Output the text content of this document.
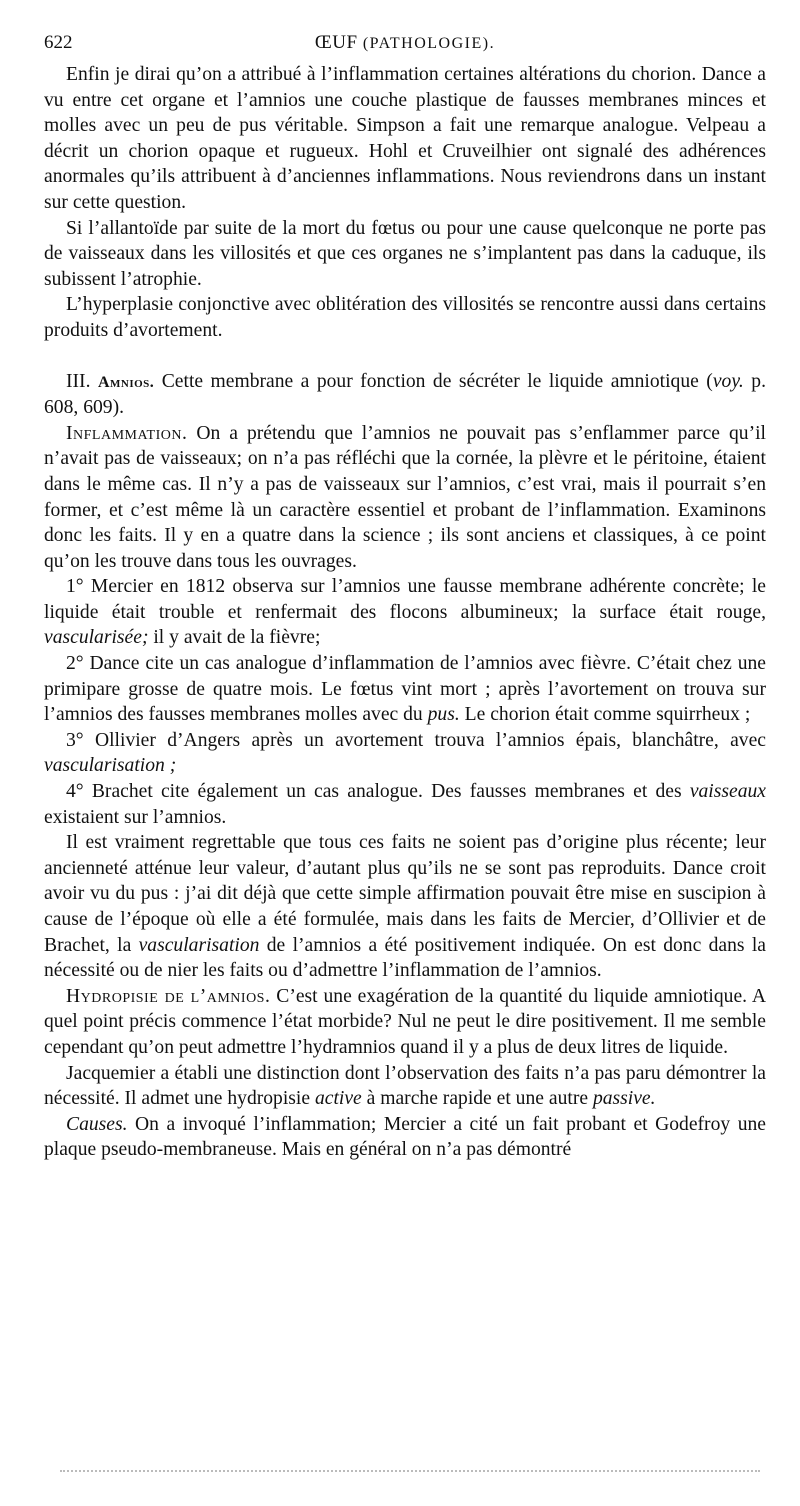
622	ŒUF (PATHOLOGIE).

Enfin je dirai qu’on a attribué à l’inflammation certaines altérations du chorion. Dance a vu entre cet organe et l’amnios une couche plastique de fausses membranes minces et molles avec un peu de pus véritable. Simpson a fait une remarque analogue. Velpeau a décrit un chorion opaque et rugueux. Hohl et Cruveilhier ont signalé des adhérences anormales qu’ils attribuent à d’anciennes inflammations. Nous reviendrons dans un instant sur cette question.

Si l’allantoïde par suite de la mort du fœtus ou pour une cause quelconque ne porte pas de vaisseaux dans les villosités et que ces organes ne s’implantent pas dans la caduque, ils subissent l’atrophie.

L’hyperplasie conjonctive avec oblitération des villosités se rencontre aussi dans certains produits d’avortement.

III. Amnios. Cette membrane a pour fonction de sécréter le liquide amniotique (voy. p. 608, 609).

Inflammation. On a prétendu que l’amnios ne pouvait pas s’enflammer parce qu’il n’avait pas de vaisseaux; on n’a pas réfléchi que la cornée, la plèvre et le péritoine, étaient dans le même cas. Il n’y a pas de vaisseaux sur l’amnios, c’est vrai, mais il pourrait s’en former, et c’est même là un caractère essentiel et probant de l’inflammation. Examinons donc les faits. Il y en a quatre dans la science ; ils sont anciens et classiques, à ce point qu’on les trouve dans tous les ouvrages.

1° Mercier en 1812 observa sur l’amnios une fausse membrane adhérente concrète; le liquide était trouble et renfermait des flocons albumineux; la surface était rouge, vascularisée; il y avait de la fièvre;

2° Dance cite un cas analogue d’inflammation de l’amnios avec fièvre. C’était chez une primipare grosse de quatre mois. Le fœtus vint mort ; après l’avortement on trouva sur l’amnios des fausses membranes molles avec du pus. Le chorion était comme squirrheux ;

3° Ollivier d’Angers après un avortement trouva l’amnios épais, blanchâtre, avec vascularisation ;

4° Brachet cite également un cas analogue. Des fausses membranes et des vaisseaux existaient sur l’amnios.

Il est vraiment regrettable que tous ces faits ne soient pas d’origine plus récente; leur ancienneté atténue leur valeur, d’autant plus qu’ils ne se sont pas reproduits. Dance croit avoir vu du pus : j’ai dit déjà que cette simple affirmation pouvait être mise en suscipion à cause de l’époque où elle a été formulée, mais dans les faits de Mercier, d’Ollivier et de Brachet, la vascularisation de l’amnios a été positivement indiquée. On est donc dans la nécessité ou de nier les faits ou d’admettre l’inflammation de l’amnios.

Hydropisie de l’amnios. C’est une exagération de la quantité du liquide amniotique. A quel point précis commence l’état morbide? Nul ne peut le dire positivement. Il me semble cependant qu’on peut admettre l’hydramnios quand il y a plus de deux litres de liquide.

Jacquemier a établi une distinction dont l’observation des faits n’a pas paru démontrer la nécessité. Il admet une hydropisie active à marche rapide et une autre passive.

Causes. On a invoqué l’inflammation; Mercier a cité un fait probant et Godefroy une plaque pseudo-membraneuse. Mais en général on n’a pas démontré
